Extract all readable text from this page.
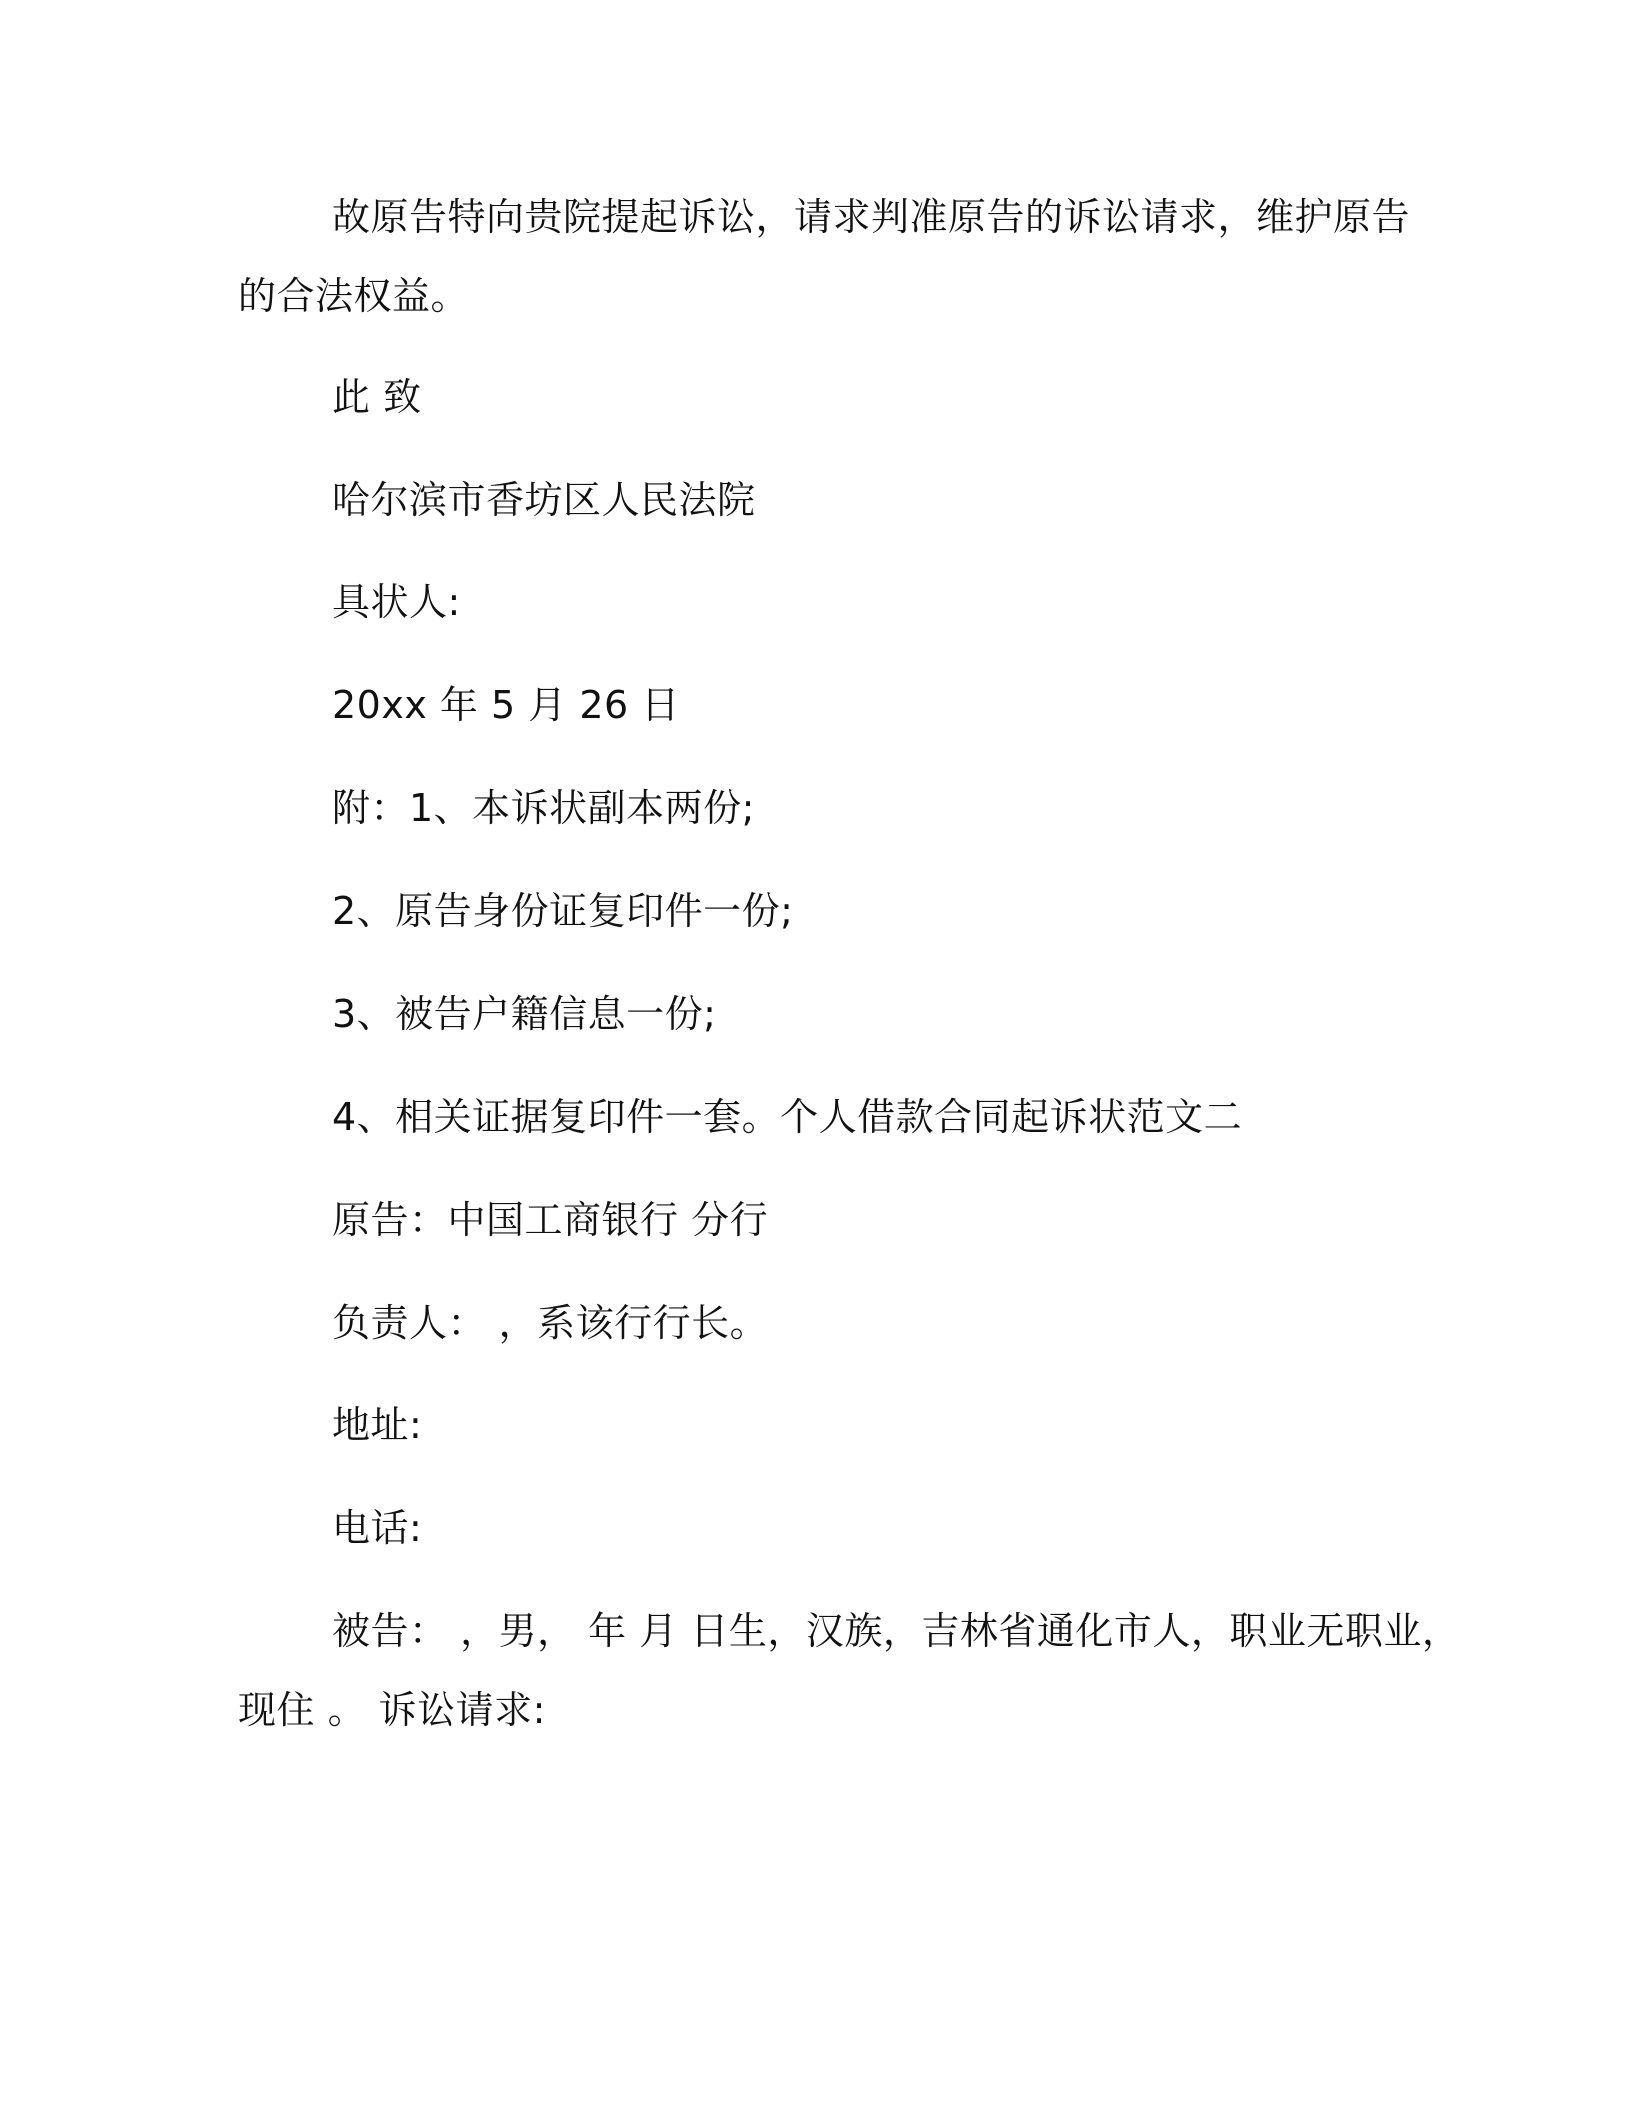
故原告特向贵院提起诉讼，请求判准原告的诉讼请求，维护原告
的合法权益。
此 致
哈尔滨市香坊区人民法院
具状人:
20xx 年 5 月 26 日
附：1、本诉状副本两份;
2、原告身份证复印件一份;
3、被告户籍信息一份;
4、相关证据复印件一套。个人借款合同起诉状范文二
原告：中国工商银行 分行
负责人： ，系该行行长。
地址:
电话:
被告： ，男， 年 月 日生，汉族，吉林省通化市人，职业无职业，
现住 。 诉讼请求:
